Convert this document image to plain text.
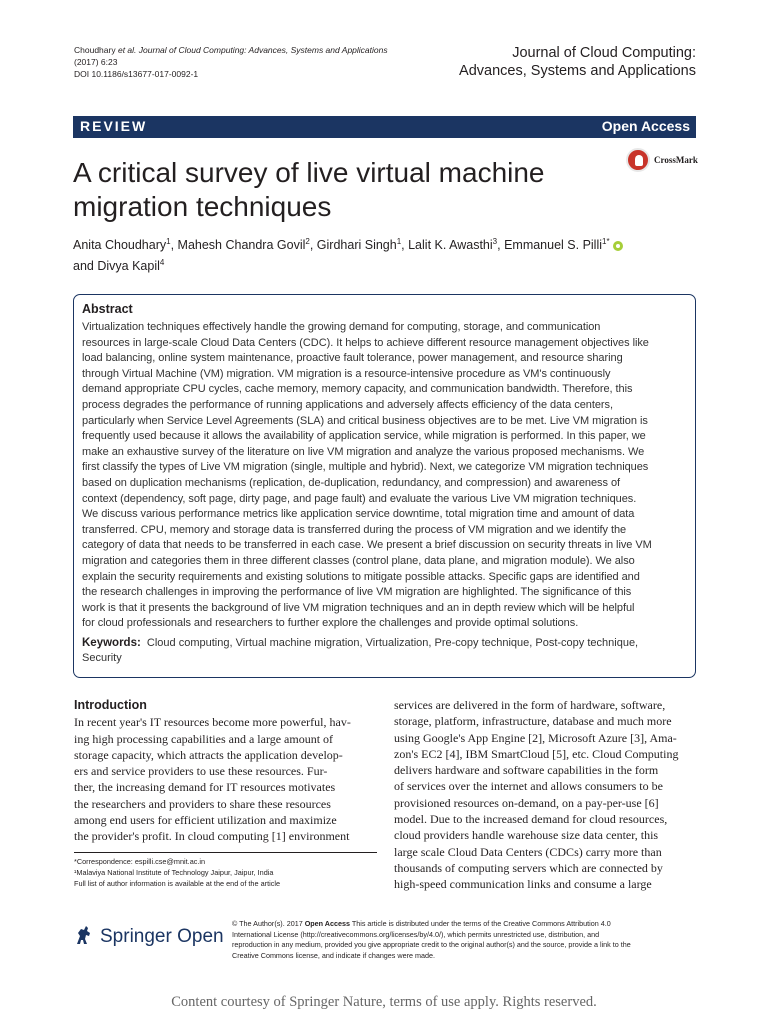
Choudhary et al. Journal of Cloud Computing: Advances, Systems and Applications (2017) 6:23
DOI 10.1186/s13677-017-0092-1
Journal of Cloud Computing:
Advances, Systems and Applications
REVIEW	Open Access
A critical survey of live virtual machine migration techniques
CrossMark
Anita Choudhary$^1$, Mahesh Chandra Govil$^2$, Girdhari Singh$^1$, Lalit K. Awasthi$^3$, Emmanuel S. Pilli$^{1*}$
and Divya Kapil$^4$
Abstract
Virtualization techniques effectively handle the growing demand for computing, storage, and communication
resources in large-scale Cloud Data Centers (CDC). It helps to achieve different resource management objectives like
load balancing, online system maintenance, proactive fault tolerance, power management, and resource sharing
through Virtual Machine (VM) migration. VM migration is a resource-intensive procedure as VM's continuously
demand appropriate CPU cycles, cache memory, memory capacity, and communication bandwidth. Therefore, this
process degrades the performance of running applications and adversely affects efficiency of the data centers,
particularly when Service Level Agreements (SLA) and critical business objectives are to be met. Live VM migration is
frequently used because it allows the availability of application service, while migration is performed. In this paper, we
make an exhaustive survey of the literature on live VM migration and analyze the various proposed mechanisms. We
first classify the types of Live VM migration (single, multiple and hybrid). Next, we categorize VM migration techniques
based on duplication mechanisms (replication, de-duplication, redundancy, and compression) and awareness of
context (dependency, soft page, dirty page, and page fault) and evaluate the various Live VM migration techniques.
We discuss various performance metrics like application service downtime, total migration time and amount of data
transferred. CPU, memory and storage data is transferred during the process of VM migration and we identify the
category of data that needs to be transferred in each case. We present a brief discussion on security threats in live VM
migration and categories them in three different classes (control plane, data plane, and migration module). We also
explain the security requirements and existing solutions to mitigate possible attacks. Specific gaps are identified and
the research challenges in improving the performance of live VM migration are highlighted. The significance of this
work is that it presents the background of live VM migration techniques and an in depth review which will be helpful
for cloud professionals and researchers to further explore the challenges and provide optimal solutions.
Keywords: Cloud computing, Virtual machine migration, Virtualization, Pre-copy technique, Post-copy technique,
Security
Introduction
In recent year's IT resources become more powerful, hav-
ing high processing capabilities and a large amount of
storage capacity, which attracts the application develop-
ers and service providers to use these resources. Fur-
ther, the increasing demand for IT resources motivates
the researchers and providers to share these resources
among end users for efficient utilization and maximize
the provider's profit. In cloud computing [1] environment
services are delivered in the form of hardware, software,
storage, platform, infrastructure, database and much more
using Google's App Engine [2], Microsoft Azure [3], Ama-
zon's EC2 [4], IBM SmartCloud [5], etc. Cloud Computing
delivers hardware and software capabilities in the form
of services over the internet and allows consumers to be
provisioned resources on-demand, on a pay-per-use [6]
model. Due to the increased demand for cloud resources,
cloud providers handle warehouse size data center, this
large scale Cloud Data Centers (CDCs) carry more than
thousands of computing servers which are connected by
high-speed communication links and consume a large
*Correspondence: espilli.cse@mnit.ac.in
¹Malaviya National Institute of Technology Jaipur, Jaipur, India
Full list of author information is available at the end of the article
Springer Open
© The Author(s). 2017 Open Access This article is distributed under the terms of the Creative Commons Attribution 4.0
International License (http://creativecommons.org/licenses/by/4.0/), which permits unrestricted use, distribution, and
reproduction in any medium, provided you give appropriate credit to the original author(s) and the source, provide a link to the
Creative Commons license, and indicate if changes were made.
Content courtesy of Springer Nature, terms of use apply. Rights reserved.
